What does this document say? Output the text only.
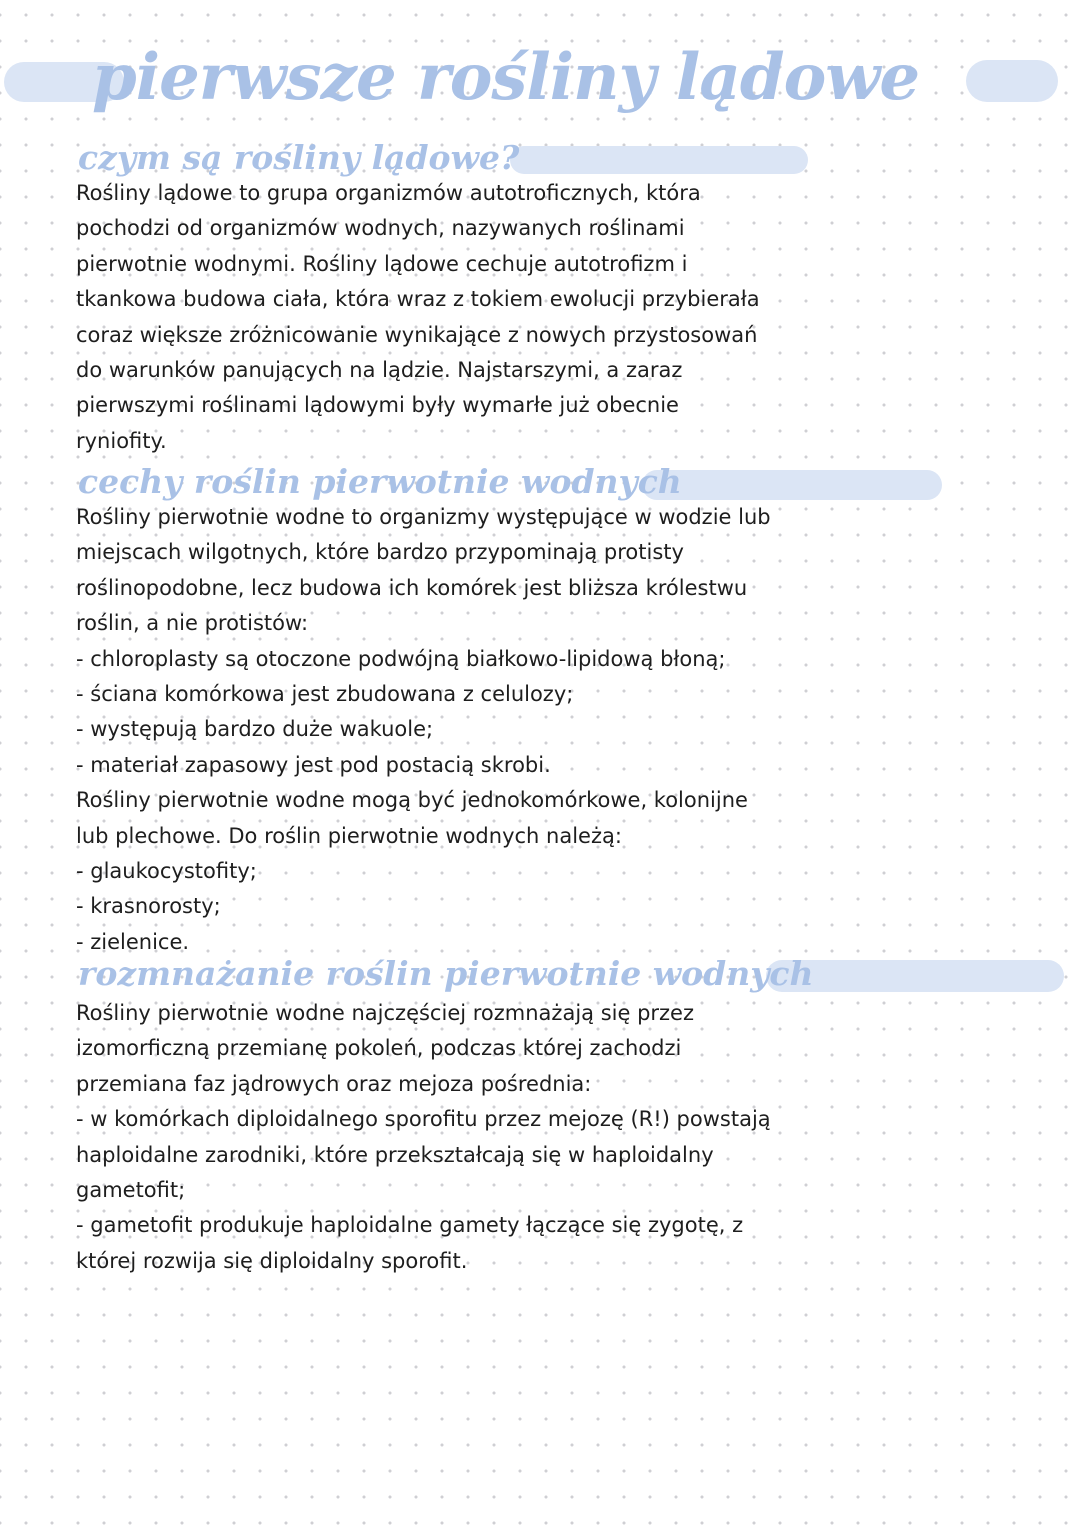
pierwsze rośliny lądowe
czym są rośliny lądowe?
Rośliny lądowe to grupa organizmów autotroficznych, która
pochodzi od organizmów wodnych, nazywanych roślinami
pierwotnie wodnymi. Rośliny lądowe cechuje autotrofizm i
tkankowa budowa ciała, która wraz z tokiem ewolucji przybierała
coraz większe zróżnicowanie wynikające z nowych przystosowań
do warunków panujących na lądzie. Najstarszymi, a zaraz
pierwszymi roślinami lądowymi były wymarłe już obecnie
ryniofity.
cechy roślin pierwotnie wodnych
Rośliny pierwotnie wodne to organizmy występujące w wodzie lub
miejscach wilgotnych, które bardzo przypominają protisty
roślinopodobne, lecz budowa ich komórek jest bliższa królestwu
roślin, a nie protistów:
- chloroplasty są otoczone podwójną białkowo-lipidową błoną;
- ściana komórkowa jest zbudowana z celulozy;
- występują bardzo duże wakuole;
- materiał zapasowy jest pod postacią skrobi.
Rośliny pierwotnie wodne mogą być jednokomórkowe, kolonijne
lub plechowe. Do roślin pierwotnie wodnych należą:
- glaukocystofity;
- krasnorosty;
- zielenice.
rozmnażanie roślin pierwotnie wodnych
Rośliny pierwotnie wodne najczęściej rozmnażają się przez
izomorficzną przemianę pokoleń, podczas której zachodzi
przemiana faz jądrowych oraz mejoza pośrednia:
- w komórkach diploidalnego sporofitu przez mejozę (R!) powstają
haploidalne zarodniki, które przekształcają się w haploidalny
gametofit;
- gametofit produkuje haploidalne gamety łączące się zygotę, z
której rozwija się diploidalny sporofit.
